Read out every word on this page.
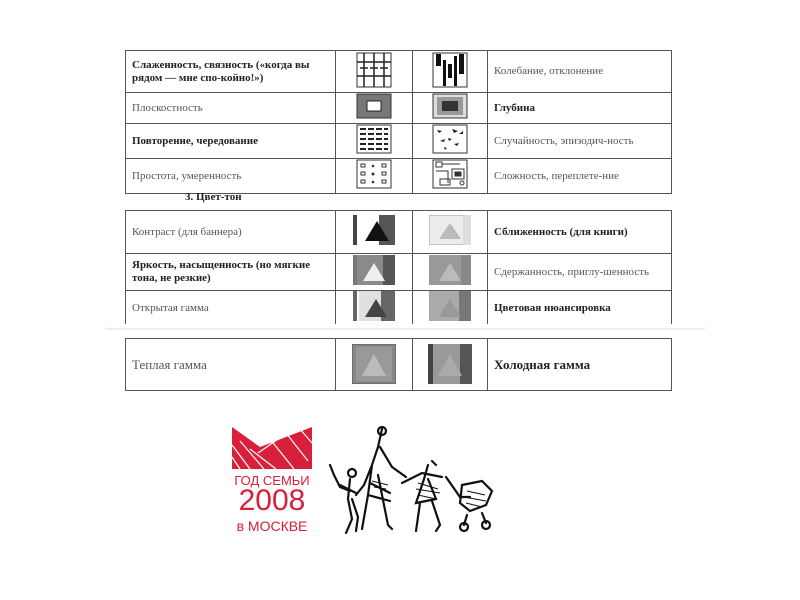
Слаженность, связность («когда вы рядом — мне спо-койно!»)			Колебание, отклонение
Плоскостность			Глубина
Повторение, чередование			Случайность, эпизодич-ность
Простота, умеренность			Сложность, переплете-ние
3. Цвет-тон
Контраст (для баннера)			Сближенность (для книги)
Яркость, насыщенность (но мягкие тона, не резкие)			Сдержанность, приглу-шенность
Открытая гамма			Цветовая нюансировка
Теплая гамма			Холодная гамма
ГОД СЕМЬИ
2008
в МОСКВЕ
